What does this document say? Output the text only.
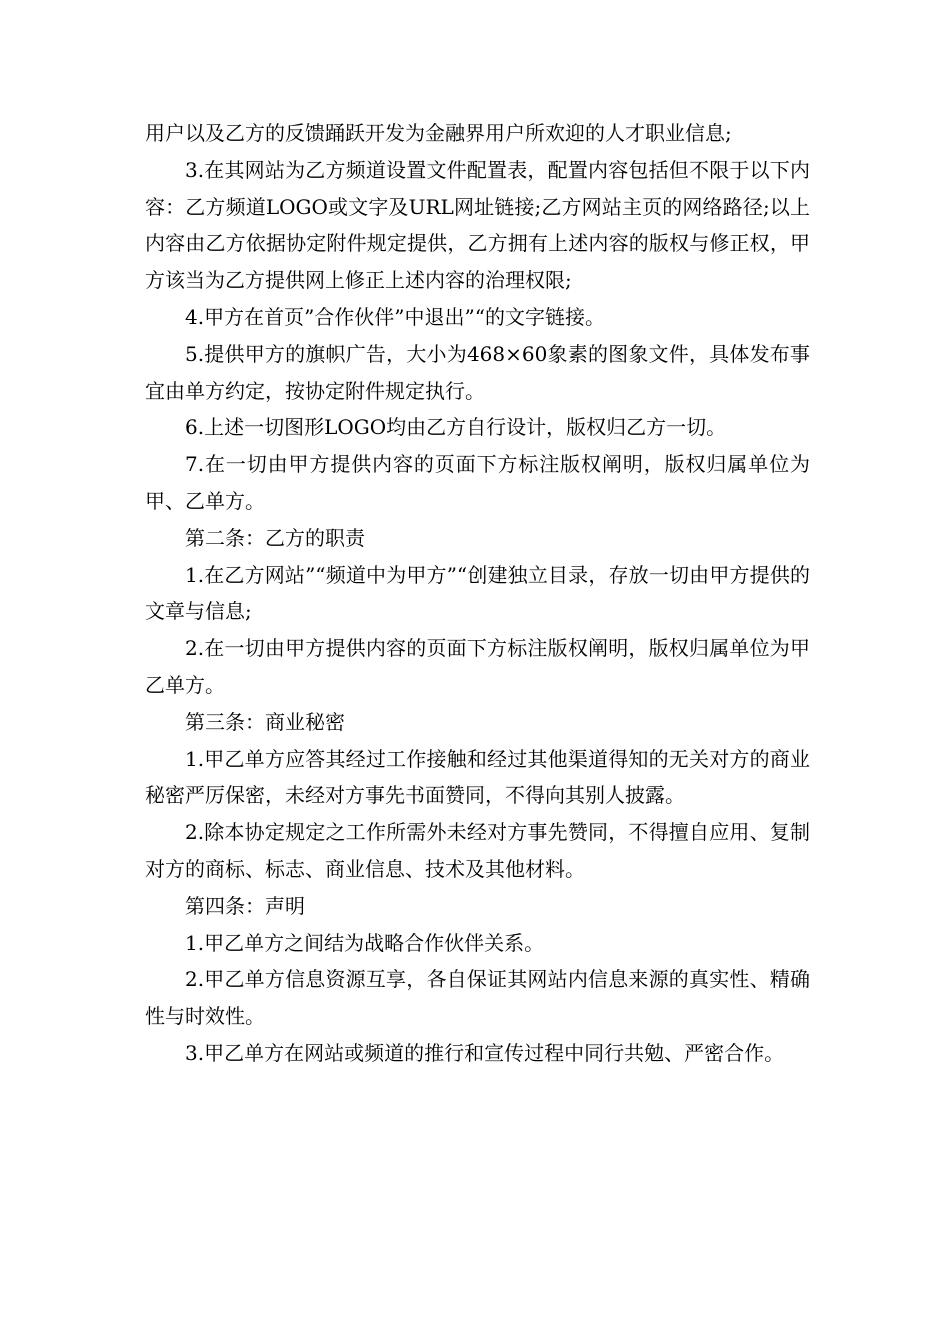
用户以及乙方的反馈踊跃开发为金融界用户所欢迎的人才职业信息;

3.在其网站为乙方频道设置文件配置表，配置内容包括但不限于以下内容：乙方频道LOGO或文字及URL网址链接;乙方网站主页的网络路径;以上内容由乙方依据协定附件规定提供，乙方拥有上述内容的版权与修正权，甲方该当为乙方提供网上修正上述内容的治理权限;

4.甲方在首页”合作伙伴”中退出”“的文字链接。

5.提供甲方的旗帜广告，大小为468×60象素的图象文件，具体发布事宜由单方约定，按协定附件规定执行。

6.上述一切图形LOGO均由乙方自行设计，版权归乙方一切。

7.在一切由甲方提供内容的页面下方标注版权阐明，版权归属单位为甲、乙单方。

第二条：乙方的职责

1.在乙方网站”“频道中为甲方”“创建独立目录，存放一切由甲方提供的文章与信息;

2.在一切由甲方提供内容的页面下方标注版权阐明，版权归属单位为甲乙单方。

第三条：商业秘密

1.甲乙单方应答其经过工作接触和经过其他渠道得知的无关对方的商业秘密严厉保密，未经对方事先书面赞同，不得向其别人披露。

2.除本协定规定之工作所需外未经对方事先赞同，不得擅自应用、复制对方的商标、标志、商业信息、技术及其他材料。

第四条：声明

1.甲乙单方之间结为战略合作伙伴关系。

2.甲乙单方信息资源互享，各自保证其网站内信息来源的真实性、精确性与时效性。

3.甲乙单方在网站或频道的推行和宣传过程中同行共勉、严密合作。
